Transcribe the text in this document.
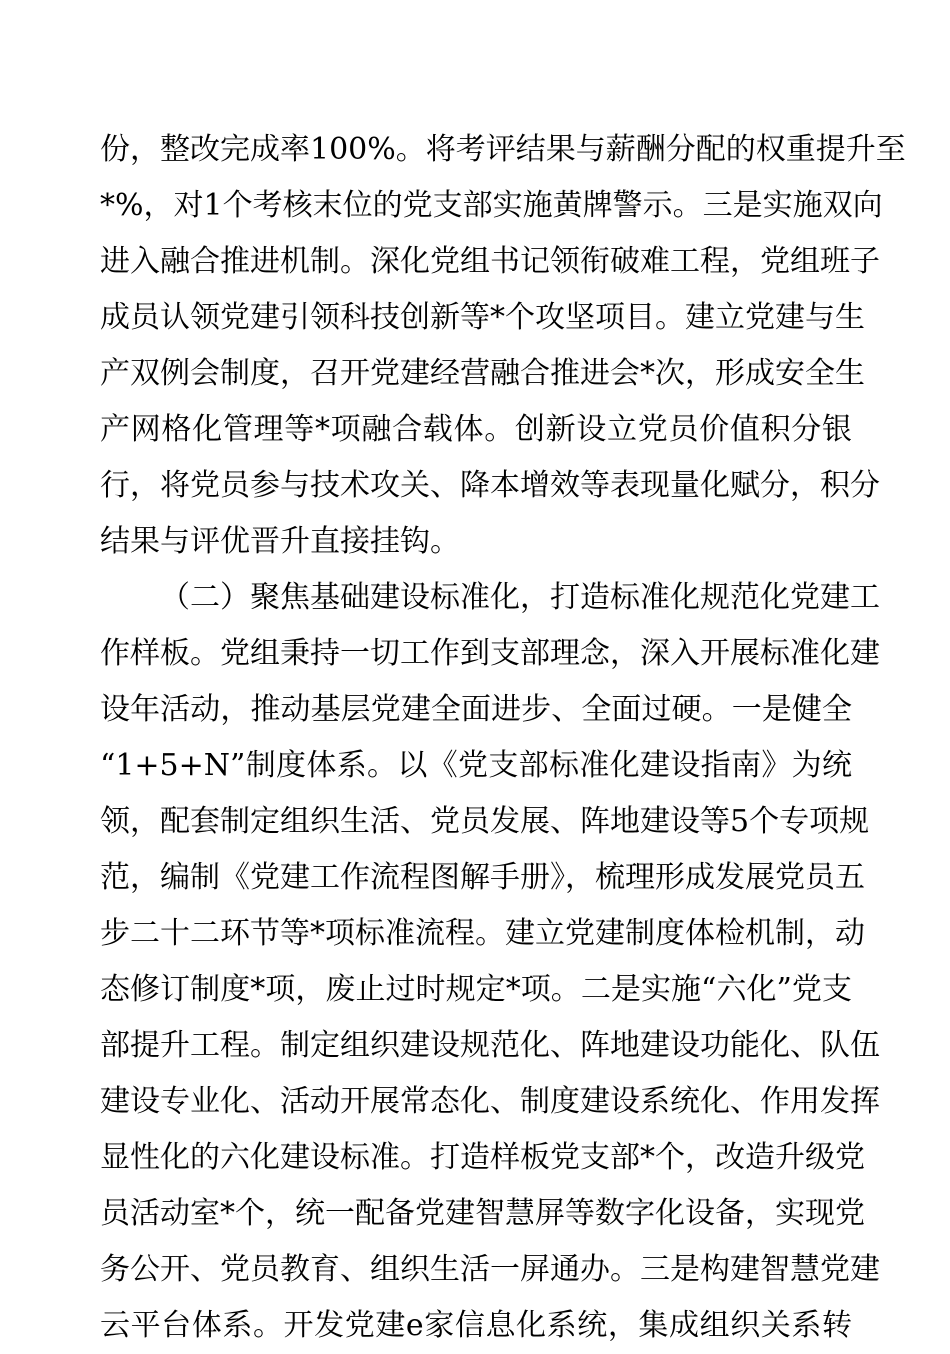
份，整改完成率100%。将考评结果与薪酬分配的权重提升至
*%，对1个考核末位的党支部实施黄牌警示。三是实施双向
进入融合推进机制。深化党组书记领衔破难工程，党组班子
成员认领党建引领科技创新等*个攻坚项目。建立党建与生
产双例会制度，召开党建经营融合推进会*次，形成安全生
产网格化管理等*项融合载体。创新设立党员价值积分银
行，将党员参与技术攻关、降本增效等表现量化赋分，积分
结果与评优晋升直接挂钩。
（二）聚焦基础建设标准化，打造标准化规范化党建工
作样板。党组秉持一切工作到支部理念，深入开展标准化建
设年活动，推动基层党建全面进步、全面过硬。一是健全
“1+5+N”制度体系。以《党支部标准化建设指南》为统
领，配套制定组织生活、党员发展、阵地建设等5个专项规
范，编制《党建工作流程图解手册》，梳理形成发展党员五
步二十二环节等*项标准流程。建立党建制度体检机制，动
态修订制度*项，废止过时规定*项。二是实施“六化”党支
部提升工程。制定组织建设规范化、阵地建设功能化、队伍
建设专业化、活动开展常态化、制度建设系统化、作用发挥
显性化的六化建设标准。打造样板党支部*个，改造升级党
员活动室*个，统一配备党建智慧屏等数字化设备，实现党
务公开、党员教育、组织生活一屏通办。三是构建智慧党建
云平台体系。开发党建e家信息化系统，集成组织关系转
